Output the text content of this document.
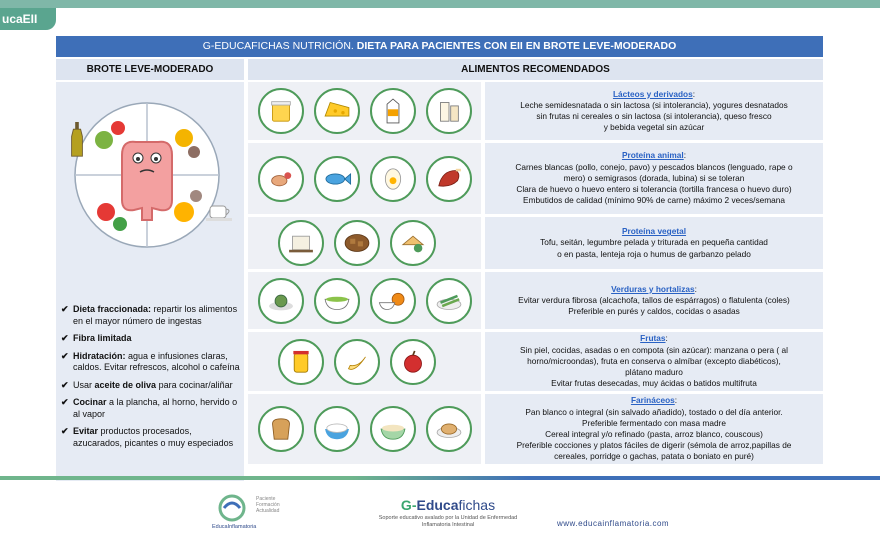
ucaEII
G-EDUCAFICHAS NUTRICIÓN. DIETA PARA PACIENTES CON EII EN BROTE LEVE-MODERADO
BROTE LEVE-MODERADO	ALIMENTOS RECOMENDADOS
✔ Dieta fraccionada: repartir los alimentos en el mayor número de ingestas
✔ Fibra limitada
✔ Hidratación: agua e infusiones claras, caldos. Evitar refrescos, alcohol o cafeína
✔ Usar aceite de oliva para cocinar/aliñar
✔ Cocinar a la plancha, al horno, hervido o al vapor
✔ Evitar productos procesados, azucarados, picantes o muy especiados
Lácteos y derivados:
Leche semidesnatada o sin lactosa (si intolerancia), yogures desnatados
sin frutas ni cereales o sin lactosa (si intolerancia), queso fresco
y bebida vegetal sin azúcar
Proteína animal:
Carnes blancas (pollo, conejo, pavo) y pescados blancos (lenguado, rape o
mero) o semigrasos (dorada, lubina) si se toleran
Clara de huevo o huevo entero si tolerancia (tortilla francesa o huevo duro)
Embutidos de calidad (mínimo 90% de carne) máximo 2 veces/semana
Proteína vegetal
Tofu, seitán, legumbre pelada y triturada en pequeña cantidad
o en pasta, lenteja roja o humus de garbanzo pelado
Verduras y hortalizas:
Evitar verdura fibrosa (alcachofa, tallos de espárragos) o flatulenta (coles)
Preferible en purés y caldos, cocidas o asadas
Frutas:
Sin piel, cocidas, asadas o en compota (sin azúcar): manzana o pera ( al
horno/microondas), fruta en conserva o almíbar (excepto diabéticos),
plátano maduro
Evitar frutas desecadas, muy ácidas o batidos multifruta
Farináceos:
Pan blanco o integral (sin salvado añadido), tostado o del día anterior.
Preferible fermentado con masa madre
Cereal integral y/o refinado (pasta, arroz blanco, couscous)
Preferible cocciones y platos fáciles de digerir (sémola de arroz,papillas de
cereales, porridge o gachas, patata o boniato en puré)
Paciente Formación Actualidad
EducaInflamatoria
G-Educafichas
Soporte educativo avalado por la Unidad de Enfermedad Inflamatoria Intestinal	www.educainflamatoria.com
